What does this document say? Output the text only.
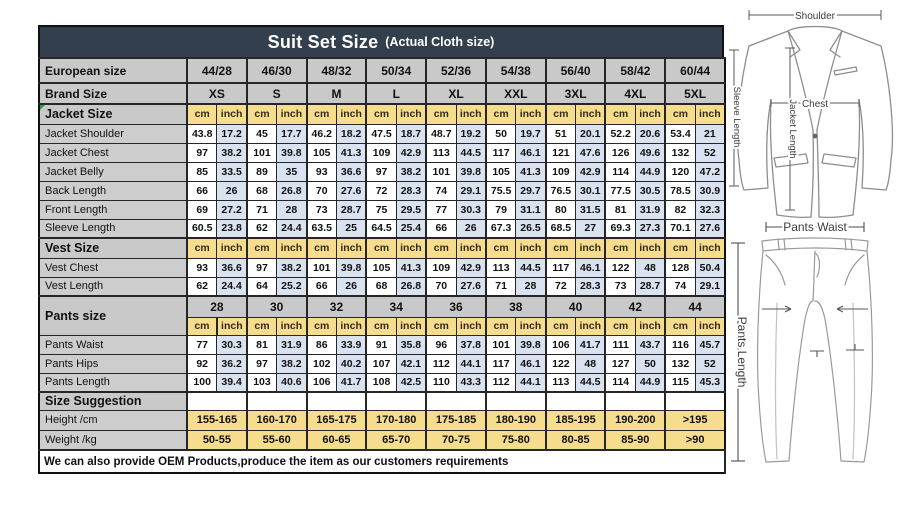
Suit Set Size (Actual Cloth size)
European size	44/28		46/30		48/32		50/34		52/36		54/38		56/40		58/42		60/44	
Brand Size	XS		S		M		L		XL		XXL		3XL		4XL		5XL	
Jacket Size	cm	inch	cm	inch	cm	inch	cm	inch	cm	inch	cm	inch	cm	inch	cm	inch	cm	inch
Jacket Shoulder	43.8	17.2	45	17.7	46.2	18.2	47.5	18.7	48.7	19.2	50	19.7	51	20.1	52.2	20.6	53.4	21
Jacket Chest	97	38.2	101	39.8	105	41.3	109	42.9	113	44.5	117	46.1	121	47.6	126	49.6	132	52
Jacket Belly	85	33.5	89	35	93	36.6	97	38.2	101	39.8	105	41.3	109	42.9	114	44.9	120	47.2
Back Length	66	26	68	26.8	70	27.6	72	28.3	74	29.1	75.5	29.7	76.5	30.1	77.5	30.5	78.5	30.9
Front Length	69	27.2	71	28	73	28.7	75	29.5	77	30.3	79	31.1	80	31.5	81	31.9	82	32.3
Sleeve Length	60.5	23.8	62	24.4	63.5	25	64.5	25.4	66	26	67.3	26.5	68.5	27	69.3	27.3	70.1	27.6
Vest Size	cm	inch	cm	inch	cm	inch	cm	inch	cm	inch	cm	inch	cm	inch	cm	inch	cm	inch
Vest Chest	93	36.6	97	38.2	101	39.8	105	41.3	109	42.9	113	44.5	117	46.1	122	48	128	50.4
Vest Length	62	24.4	64	25.2	66	26	68	26.8	70	27.6	71	28	72	28.3	73	28.7	74	29.1
Pants size	28		30		32		34		36		38		40		42		44	
	cm	inch	cm	inch	cm	inch	cm	inch	cm	inch	cm	inch	cm	inch	cm	inch	cm	inch
Pants Waist	77	30.3	81	31.9	86	33.9	91	35.8	96	37.8	101	39.8	106	41.7	111	43.7	116	45.7
Pants Hips	92	36.2	97	38.2	102	40.2	107	42.1	112	44.1	117	46.1	122	48	127	50	132	52
Pants Length	100	39.4	103	40.6	106	41.7	108	42.5	110	43.3	112	44.1	113	44.5	114	44.9	115	45.3
Size Suggestion																		
Height /cm	155-165		160-170		165-175		170-180		175-185		180-190		185-195		190-200		>195	
Weight /kg	50-55		55-60		60-65		65-70		70-75		75-80		80-85		85-90		>90	
We can also provide OEM Products,produce the item as our customers requirements																		
Shoulder
Chest
Jacket Length
Sleeve Length
Pants Waist
Pants Length
